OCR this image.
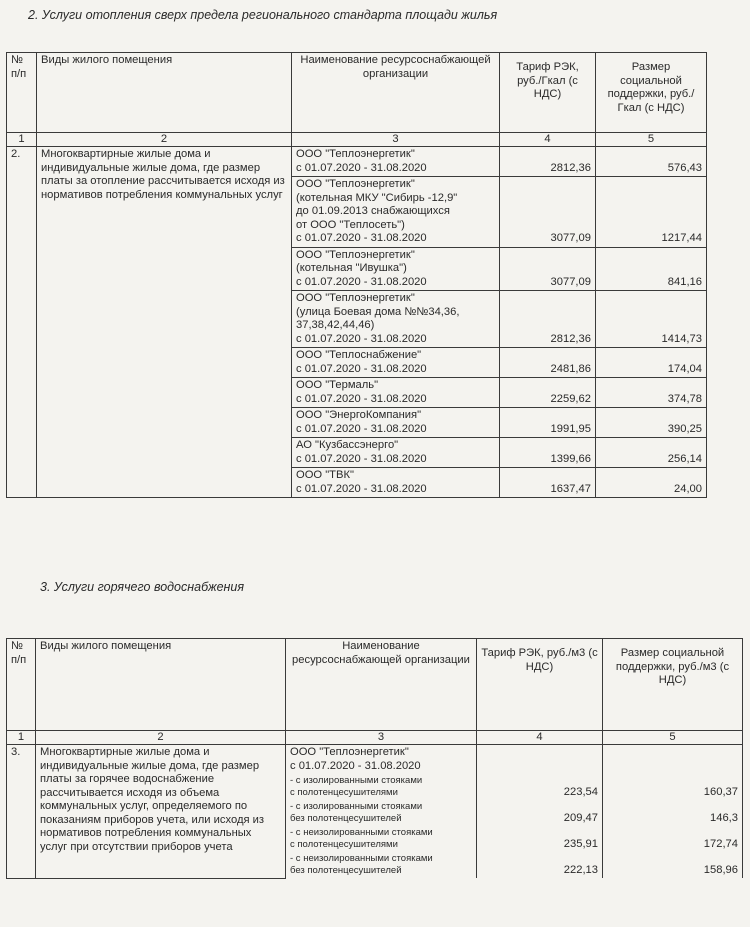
2. Услуги отопления сверх предела регионального стандарта площади жилья
№ п/п	Виды жилого помещения	Наименование ресурсоснабжающей организации	Тариф РЭК, руб./Гкал (с НДС)	Размер социальной поддержки, руб./Гкал (с НДС)
1	2	3	4	5
2.	Многоквартирные жилые дома и индивидуальные жилые дома, где размер платы за отопление рассчитывается исходя из нормативов потребления коммунальных услуг	ООО "Теплоэнергетик"
с 01.07.2020 - 31.08.2020	2812,36	576,43

		ООО "Теплоэнергетик"
(котельная МКУ "Сибирь -12,9"
до 01.09.2013 снабжающихся
от ООО "Теплосеть")
с 01.07.2020 - 31.08.2020	3077,09	1217,44

		ООО "Теплоэнергетик"
(котельная "Ивушка")
с 01.07.2020 - 31.08.2020	3077,09	841,16

		ООО "Теплоэнергетик"
(улица Боевая дома №№34,36,
37,38,42,44,46)
с 01.07.2020 - 31.08.2020	2812,36	1414,73

		ООО "Теплоснабжение"
с 01.07.2020 - 31.08.2020	2481,86	174,04

		ООО "Термаль"
с 01.07.2020 - 31.08.2020	2259,62	374,78

		ООО "ЭнергоКомпания"
с 01.07.2020 - 31.08.2020	1991,95	390,25

		АО "Кузбассэнерго"
с 01.07.2020 - 31.08.2020	1399,66	256,14

		ООО "ТВК"
с 01.07.2020 - 31.08.2020	1637,47	24,00
3. Услуги горячего водоснабжения
№ п/п	Виды жилого помещения	Наименование ресурсоснабжающей организации	Тариф РЭК, руб./м3 (с НДС)	Размер социальной поддержки, руб./м3 (с НДС)
1	2	3	4	5
3.	Многоквартирные жилые дома и индивидуальные жилые дома, где размер платы за горячее водоснабжение рассчитывается исходя из объема коммунальных услуг, определяемого по показаниям приборов учета, или исходя из нормативов потребления коммунальных услуг при отсутствии приборов учета	ООО "Теплоэнергетик"
с 01.07.2020 - 31.08.2020		

		- с изолированными стояками
с полотенцесушителями	223,54	160,37

		- с изолированными стояками
без полотенцесушителей	209,47	146,3

		- с неизолированными стояками
с полотенцесушителями	235,91	172,74

		- с неизолированными стояками
без полотенцесушителей	222,13	158,96
